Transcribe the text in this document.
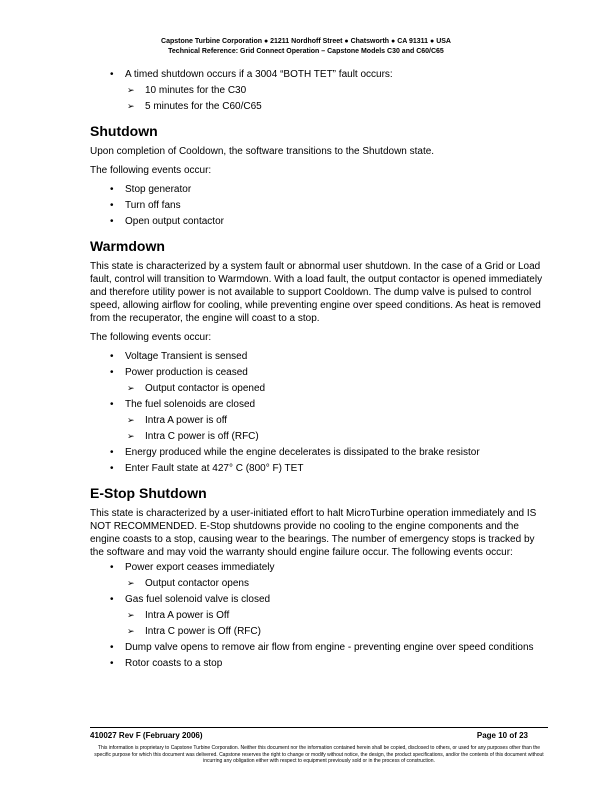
Capstone Turbine Corporation ● 21211 Nordhoff Street ● Chatsworth ● CA 91311 ● USA
Technical Reference: Grid Connect Operation – Capstone Models C30 and C60/C65
• A timed shutdown occurs if a 3004 “BOTH TET” fault occurs:
➢ 10 minutes for the C30
➢ 5 minutes for the C60/C65
Shutdown

Upon completion of Cooldown, the software transitions to the Shutdown state.

The following events occur:

• Stop generator
• Turn off fans
• Open output contactor
Warmdown

This state is characterized by a system fault or abnormal user shutdown. In the case of a Grid or Load fault, control will transition to Warmdown. With a load fault, the output contactor is opened immediately and therefore utility power is not available to support Cooldown. The dump valve is pulsed to control speed, allowing airflow for cooling, while preventing engine over speed conditions. As heat is removed from the recuperator, the engine will coast to a stop.

The following events occur:

• Voltage Transient is sensed
• Power production is ceased
➢ Output contactor is opened
• The fuel solenoids are closed
➢ Intra A power is off
➢ Intra C power is off (RFC)
• Energy produced while the engine decelerates is dissipated to the brake resistor
• Enter Fault state at 427° C (800° F) TET
E-Stop Shutdown

This state is characterized by a user-initiated effort to halt MicroTurbine operation immediately and IS NOT RECOMMENDED. E-Stop shutdowns provide no cooling to the engine components and the engine coasts to a stop, causing wear to the bearings. The number of emergency stops is tracked by the software and may void the warranty should engine failure occur. The following events occur:

• Power export ceases immediately
➢ Output contactor opens
• Gas fuel solenoid valve is closed
➢ Intra A power is Off
➢ Intra C power is Off (RFC)
• Dump valve opens to remove air flow from engine - preventing engine over speed conditions
• Rotor coasts to a stop
410027 Rev F (February 2006)	Page 10 of 23
This information is proprietary to Capstone Turbine Corporation. Neither this document nor the information contained herein shall be copied, disclosed to others, or used for any purposes other than the specific purpose for which this document was delivered. Capstone reserves the right to change or modify without notice, the design, the product specifications, and/or the contents of this document without incurring any obligation either with respect to equipment previously sold or in the process of construction.
